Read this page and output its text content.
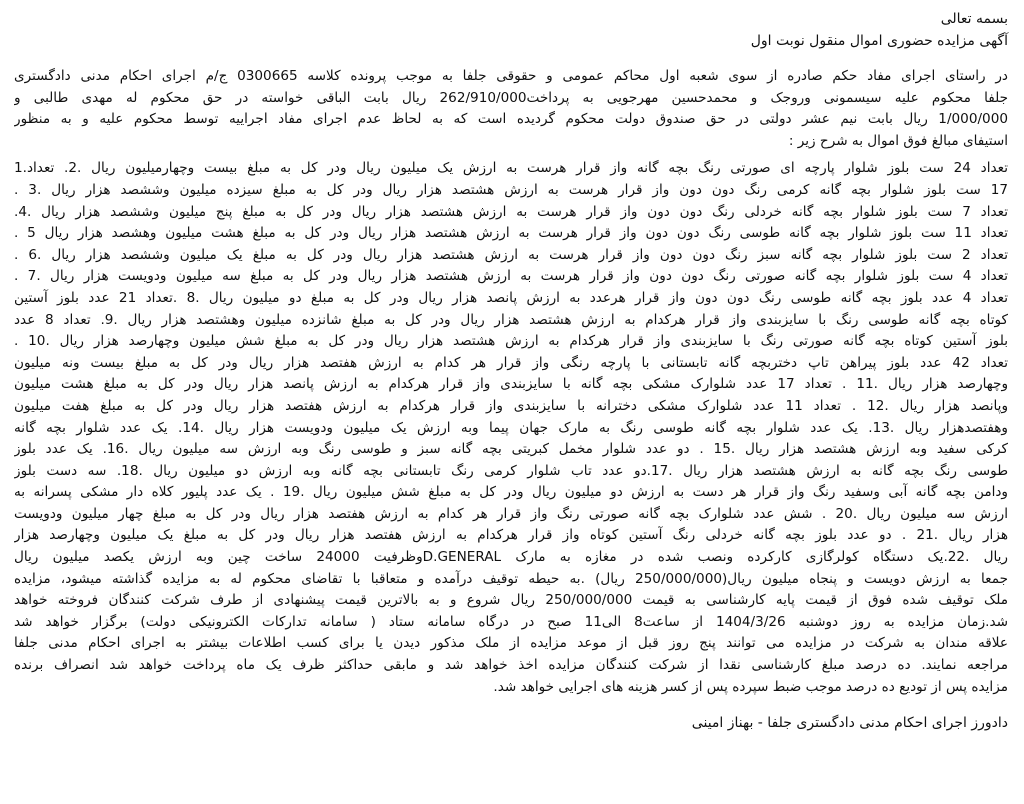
بسمه تعالی
آگهی مزایده حضوری اموال منقول نوبت اول
در راستای اجرای مفاد حکم صادره از سوی شعبه اول محاکم عمومی و حقوقی جلفا به موجب پرونده کلاسه 0300665 ج/م اجرای احکام مدنی دادگستری
جلفا محکوم علیه سیسمونی وروجک و محمدحسین مهرجویی به پرداخت262/910/000 ریال بابت الباقی خواسته در حق محکوم له مهدی طالبی و
1/000/000 ریال بابت نیم عشر دولتی در حق صندوق دولت محکوم گردیده است که به لحاظ عدم اجرای مفاد اجراییه توسط محکوم علیه و به منظور
استیفای مبالغ فوق اموال به شرح زیر :
تعداد 24 ست بلوز شلوار پارچه ای صورتی رنگ بچه گانه واز قرار هرست به ارزش یک میلیون ریال ودر کل به مبلغ بیست وچهارمیلیون ریال .2. تعداد.1
17 ست بلوز شلوار بچه گانه کرمی رنگ دون دون واز قرار هرست به ارزش هشتصد هزار ریال ودر کل به مبلغ سیزده میلیون وششصد هزار ریال .3 .
تعداد 7 ست بلوز شلوار بچه گانه خردلی رنگ دون دون واز قرار هرست به ارزش هشتصد هزار ریال ودر کل به مبلغ پنج میلیون وششصد هزار ریال .4.
تعداد 11 ست بلوز شلوار بچه گانه طوسی رنگ دون دون واز قرار هرست به ارزش هشتصد هزار ریال ودر کل به مبلغ هشت میلیون وهشصد هزار ریال 5 .
تعداد 2 ست بلوز شلوار بچه گانه سبز رنگ دون دون واز قرار هرست به ارزش هشتصد هزار ریال ودر کل به مبلغ یک میلیون وششصد هزار ریال .6 .
تعداد 4 ست بلوز شلوار بچه گانه صورتی رنگ دون دون واز قرار هرست به ارزش هشتصد هزار ریال ودر کل به مبلغ سه میلیون ودویست هزار ریال .7 .
تعداد 4 عدد بلوز بچه گانه طوسی رنگ دون دون واز قرار هرعدد به ارزش پانصد هزار ریال ودر کل به مبلغ دو میلیون ریال .8 .تعداد 21 عدد بلوز آستین
کوتاه بچه گانه طوسی رنگ با سایزبندی واز قرار هرکدام به ارزش هشتصد هزار ریال ودر کل به مبلغ شانزده میلیون وهشتصد هزار ریال .9. تعداد 8 عدد
بلوز آستین کوتاه بچه گانه صورتی رنگ با سایزبندی واز قرار هرکدام به ارزش هشتصد هزار ریال ودر کل به مبلغ شش میلیون وچهارصد هزار ریال .10 .
تعداد 42 عدد بلوز پیراهن تاپ دختربچه گانه تابستانی با پارچه رنگی واز قرار هر کدام به ارزش هفتصد هزار ریال ودر کل به مبلغ بیست ونه میلیون
وچهارصد هزار ریال .11 . تعداد 17 عدد شلوارک مشکی بچه گانه با سایزبندی واز قرار هرکدام به ارزش پانصد هزار ریال ودر کل به مبلغ هشت میلیون
وپانصد هزار ریال .12 . تعداد 11 عدد شلوارک مشکی دخترانه با سایزبندی واز قرار هرکدام به ارزش هفتصد هزار ریال ودر کل به مبلغ هفت میلیون
وهفتصدهزار ریال .13. یک عدد شلوار بچه گانه طوسی رنگ به مارک جهان پیما وبه ارزش یک میلیون ودویست هزار ریال .14. یک عدد شلوار بچه گانه
کرکی سفید وبه ارزش هشتصد هزار ریال .15 . دو عدد شلوار مخمل کبریتی بچه گانه سبز و طوسی رنگ وبه ارزش سه میلیون ریال .16. یک عدد بلوز
طوسی رنگ بچه گانه به ارزش هشتصد هزار ریال .17.دو عدد تاب شلوار کرمی رنگ تابستانی بچه گانه وبه ارزش دو میلیون ریال .18. سه دست بلوز
ودامن بچه گانه آبی وسفید رنگ واز قرار هر دست به ارزش دو میلیون ریال ودر کل به مبلغ شش میلیون ریال .19 . یک عدد پلیور کلاه دار مشکی پسرانه به
ارزش سه میلیون ریال .20 . شش عدد شلوارک بچه گانه صورتی رنگ واز قرار هر کدام به ارزش هفتصد هزار ریال ودر کل به مبلغ چهار میلیون ودویست
هزار ریال .21 . دو عدد بلوز بچه گانه خردلی رنگ آستین کوتاه واز قرار هرکدام به ارزش هفتصد هزار ریال ودر کل به مبلغ یک میلیون وچهارصد هزار
ریال .22.یک دستگاه کولرگازی کارکرده ونصب شده در مغازه به مارک D.GENERALوظرفیت 24000 ساخت چین وبه ارزش یکصد میلیون ریال
جمعا به ارزش دویست و پنجاه میلیون ریال(250/000/000 ریال) .به حیطه توقیف درآمده و متعاقبا با تقاضای محکوم له به مزایده گذاشته میشود، مزایده
ملک توقیف شده فوق از قیمت پایه کارشناسی به قیمت 250/000/000 ریال شروع و به بالاترین قیمت پیشنهادی از طرف شرکت کنندگان فروخته خواهد
شد.زمان مزایده به روز دوشنبه 1404/3/26 از ساعت8 الی11 صبح در درگاه سامانه ستاد ( سامانه تدارکات الکترونیکی دولت) برگزار خواهد شد
علاقه مندان به شرکت در مزایده می توانند پنج روز قبل از موعد مزایده از ملک مذکور دیدن یا برای کسب اطلاعات بیشتر به اجرای احکام مدنی جلفا
مراجعه نمایند. ده درصد مبلغ کارشناسی نقدا از شرکت کنندگان مزایده اخذ خواهد شد و مابقی حداکثر ظرف یک ماه پرداخت خواهد شد انصراف برنده
مزایده پس از تودیع ده درصد موجب ضبط سپرده پس از کسر هزینه های اجرایی خواهد شد.
دادورز اجرای احکام مدنی دادگستری جلفا - بهناز امینی
